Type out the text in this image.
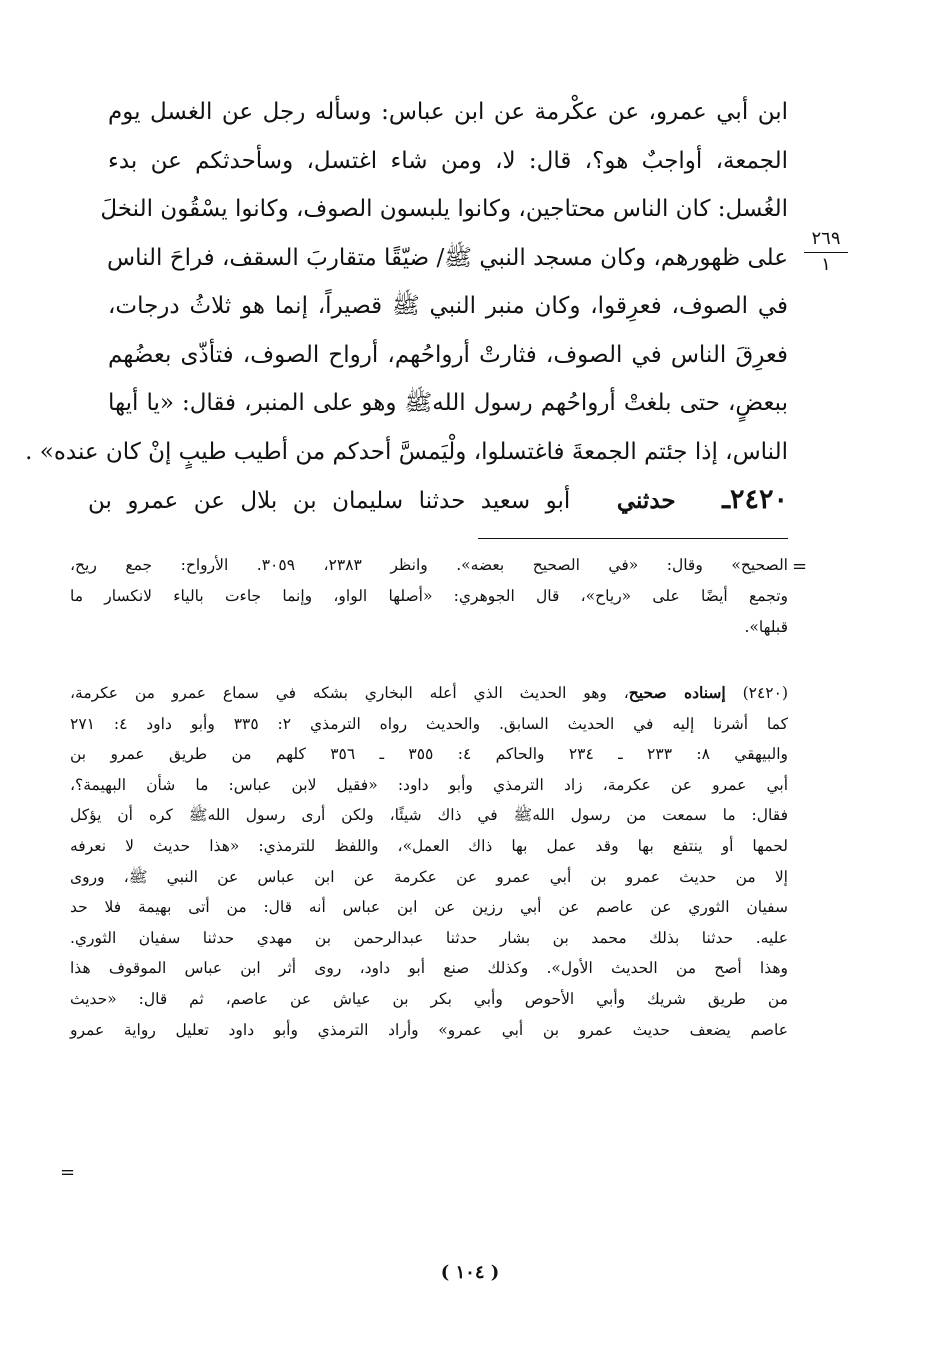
ابن أبي عمرو، عن عكْرمة عن ابن عباس: وسأله رجل عن الغسل يوم
الجمعة، أواجبٌ هو؟، قال: لا، ومن شاء اغتسل، وسأحدثكم عن بدء
الغُسل: كان الناس محتاجين، وكانوا يلبسون الصوف، وكانوا يسْقُون النخلَ
على ظهورهم، وكان مسجد النبي ﷺ/ ضيّقًا متقاربَ السقف، فراحَ الناس
في الصوف، فعرِقوا، وكان منبر النبي ﷺ قصيراً، إنما هو ثلاثُ درجات،
فعرِقَ الناس في الصوف، فثارتْ أرواحُهم، أرواح الصوف، فتأذّى بعضُهم
ببعضٍ، حتى بلغتْ أرواحُهم رسول اللهﷺ وهو على المنبر، فقال: «يا أيها
الناس، إذا جئتم الجمعةَ فاغتسلوا، ولْيَمسَّ أحدكم من أطيب طيبٍ إنْ كان عنده» .
٢٦٩
١
٢٤٢٠ـ   حدثني   أبو سعيد حدثنا سليمان بن بلال عن عمرو بن
=
الصحيح» وقال: «في الصحيح بعضه». وانظر ٢٣٨٣، ٣٠٥٩. الأرواح: جمع ريح،
وتجمع أيضًا على «رياح»، قال الجوهري: «أصلها الواو، وإنما جاءت بالياء لانكسار ما
قبلها».
(٢٤٢٠) إسناده صحيح، وهو الحديث الذي أعله البخاري بشكه في سماع عمرو من عكرمة،
كما أشرنا إليه في الحديث السابق. والحديث رواه الترمذي ٢: ٣٣٥ وأبو داود ٤: ٢٧١
والبيهقي ٨: ٢٣٣ ـ ٢٣٤ والحاكم ٤: ٣٥٥ ـ ٣٥٦ كلهم من طريق عمرو بن
أبي عمرو عن عكرمة، زاد الترمذي وأبو داود: «فقيل لابن عباس: ما شأن البهيمة؟،
فقال: ما سمعت من رسول اللهﷺ في ذاك شيئًا، ولكن أرى رسول اللهﷺ كره أن يؤكل
لحمها أو ينتفع بها وقد عمل بها ذاك العمل»، واللفظ للترمذي: «هذا حديث لا نعرفه
إلا من حديث عمرو بن أبي عمرو عن عكرمة عن ابن عباس عن النبي ﷺ، وروى
سفيان الثوري عن عاصم عن أبي رزين عن ابن عباس أنه قال: من أتى بهيمة فلا حد
عليه. حدثنا بذلك محمد بن بشار حدثنا عبدالرحمن بن مهدي حدثنا سفيان الثوري.
وهذا أصح من الحديث الأول». وكذلك صنع أبو داود، روى أثر ابن عباس الموقوف هذا
من طريق شريك وأبي الأحوص وأبي بكر بن عياش عن عاصم، ثم قال: «حديث
عاصم يضعف حديث عمرو بن أبي عمرو» وأراد الترمذي وأبو داود تعليل رواية عمرو
=
( ١٠٤ )
